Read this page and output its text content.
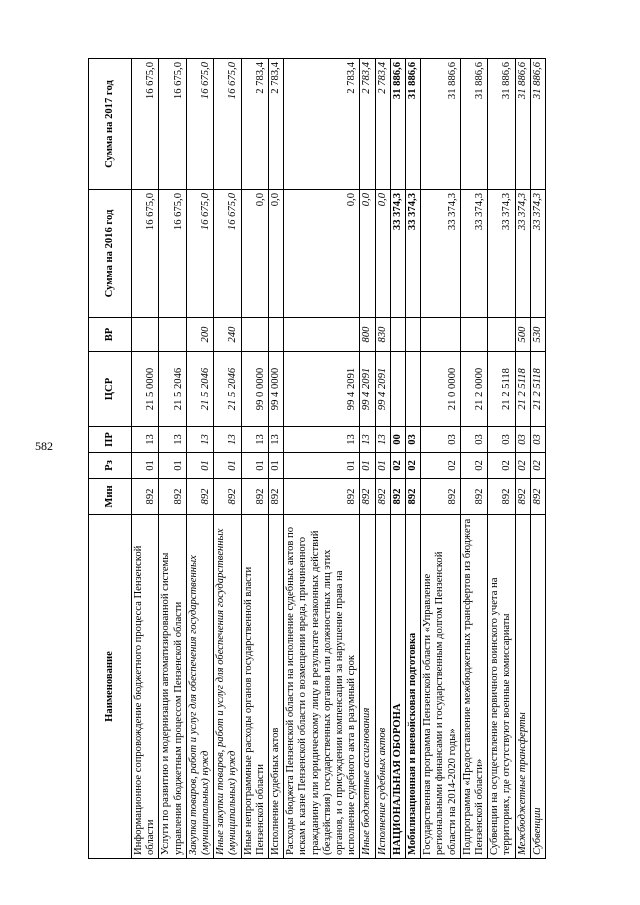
582
Наименование	Мин	Рз	ПР	ЦСР	ВР	Сумма на 2016 год	Сумма на 2017 год
Информационное сопровождение бюджетного процесса Пензенской области	892	01	13	21 5 0000		16 675,0	16 675,0
Услуги по развитию и модернизации автоматизированной системы управления бюджетным процессом Пензенской области	892	01	13	21 5 2046		16 675,0	16 675,0
Закупка товаров, работ и услуг для обеспечения государственных (муниципальных) нужд	892	01	13	21 5 2046	200	16 675,0	16 675,0
Иные закупки товаров, работ и услуг для обеспечения государственных (муниципальных) нужд	892	01	13	21 5 2046	240	16 675,0	16 675,0
Иные непрограммные расходы органов государственной власти Пензенской области	892	01	13	99 0 0000		0,0	2 783,4
Исполнение судебных актов	892	01	13	99 4 0000		0,0	2 783,4
Расходы бюджета Пензенской области на исполнение судебных актов по искам к казне Пензенской области о возмещении вреда, причиненного гражданину или юридическому лицу в результате незаконных действий (бездействия) государственных органов или должностных лиц этих органов, и о присуждении компенсации за нарушение права на исполнение судебного акта в разумный срок	892	01	13	99 4 2091		0,0	2 783,4
Иные бюджетные ассигнования	892	01	13	99 4 2091	800	0,0	2 783,4
Исполнение судебных актов	892	01	13	99 4 2091	830	0,0	2 783,4
НАЦИОНАЛЬНАЯ ОБОРОНА	892	02	00			33 374,3	31 886,6
Мобилизационная и вневойсковая подготовка	892	02	03			33 374,3	31 886,6
Государственная программа Пензенской области «Управление региональными финансами и государственным долгом Пензенской области на 2014-2020 годы»	892	02	03	21 0 0000		33 374,3	31 886,6
Подпрограмма «Предоставление межбюджетных трансфертов из бюджета Пензенской области»	892	02	03	21 2 0000		33 374,3	31 886,6
Субвенции на осуществление первичного воинского учета на территориях, где отсутствуют военные комиссариаты	892	02	03	21 2 5118		33 374,3	31 886,6
Межбюджетные трансферты	892	02	03	21 2 5118	500	33 374,3	31 886,6
Субвенции	892	02	03	21 2 5118	530	33 374,3	31 886,6
